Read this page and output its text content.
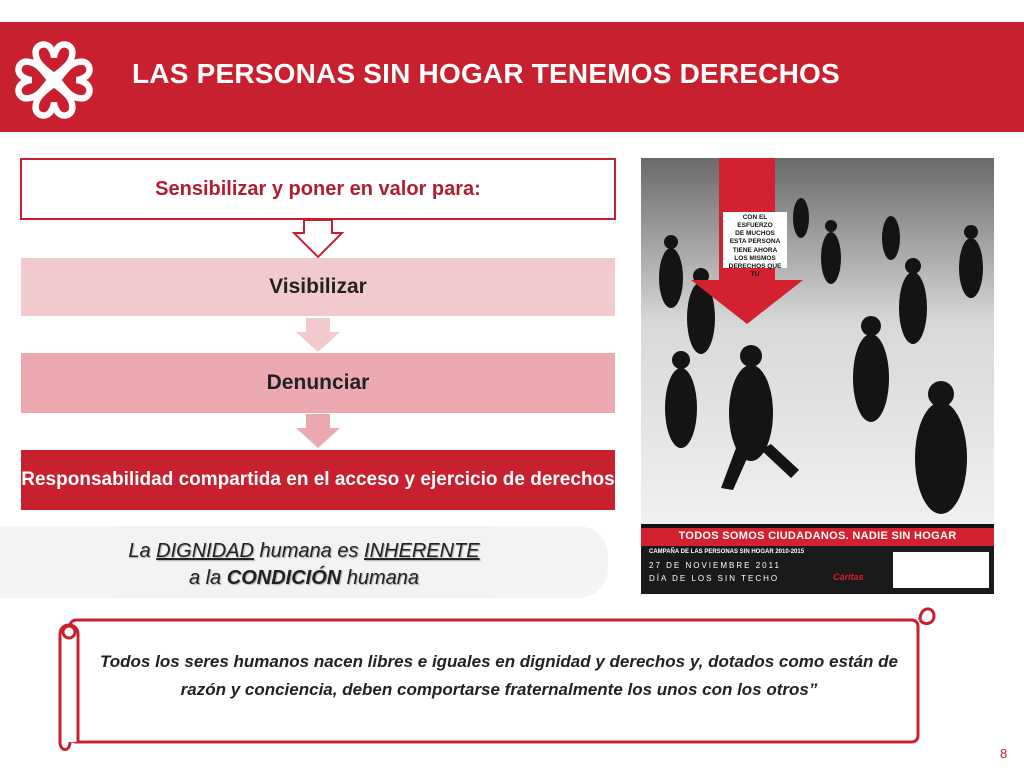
LAS PERSONAS SIN HOGAR TENEMOS DERECHOS
Sensibilizar y poner en valor para:
Visibilizar
Denunciar
Responsabilidad compartida en el acceso y ejercicio de derechos
La DIGNIDAD humana es INHERENTE
a la CONDICIÓN humana
CON EL ESFUERZO
DE MUCHOS
ESTA PERSONA
TIENE AHORA
LOS MISMOS
DERECHOS QUE TÚ
TODOS SOMOS CIUDADANOS. NADIE SIN HOGAR
CAMPAÑA DE LAS PERSONAS SIN HOGAR 2010-2015
27 DE NOVIEMBRE 2011
DÍA DE LOS SIN TECHO	Cáritas
Todos los seres humanos nacen libres e iguales en dignidad y derechos y, dotados como están de razón y conciencia, deben comportarse fraternalmente los unos con los otros”
8
